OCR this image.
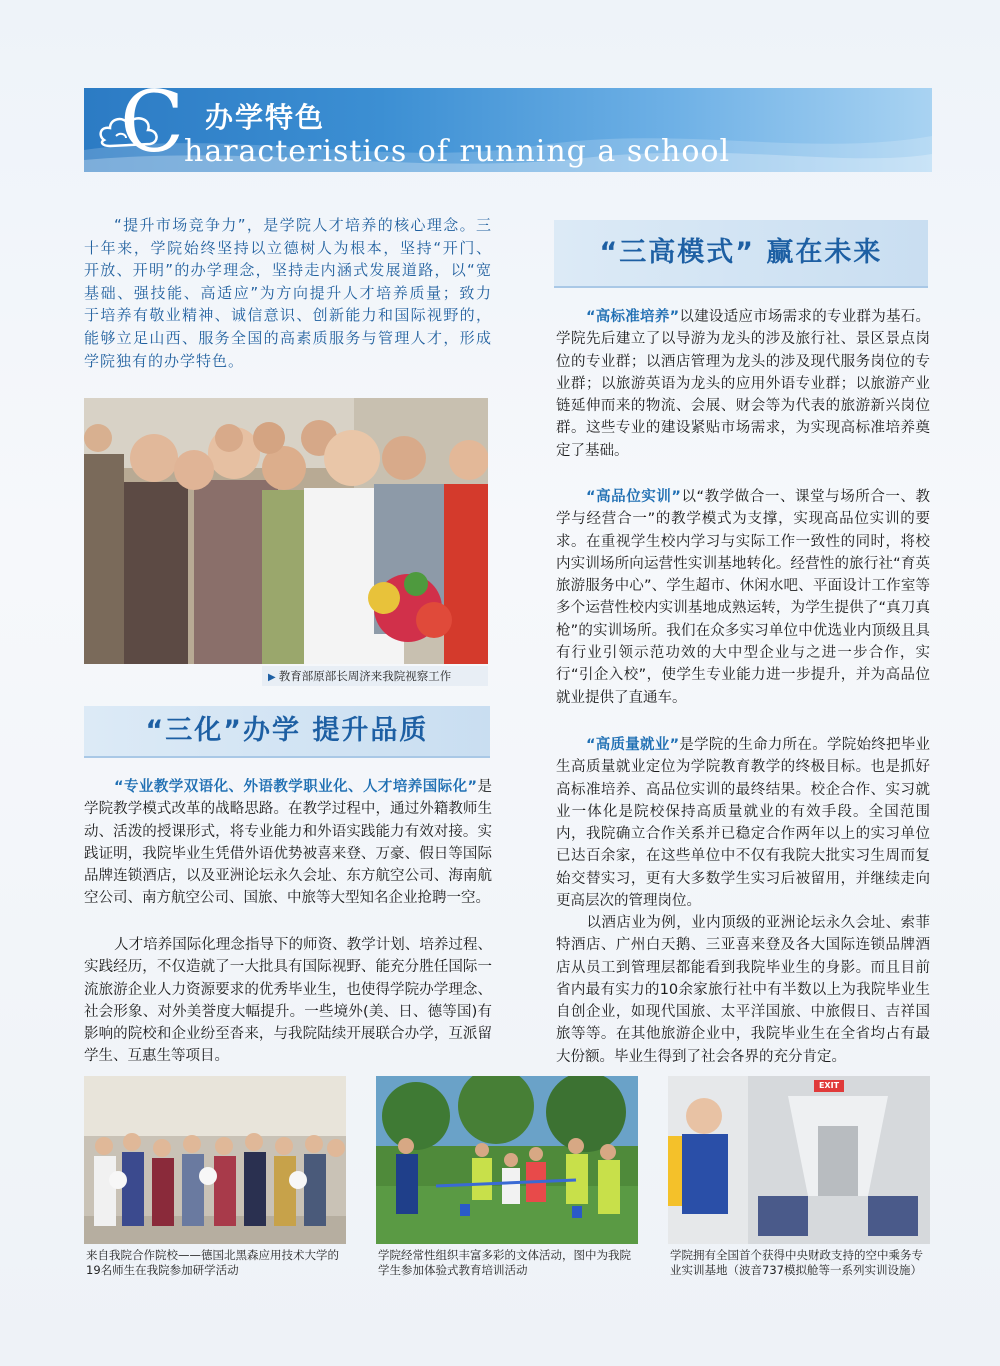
C 办学特色
haracteristics of running a school
“提升市场竞争力”，是学院人才培养的核心理念。三十年来，学院始终坚持以立德树人为根本，坚持“开门、开放、开明”的办学理念，坚持走内涵式发展道路，以“宽基础、强技能、高适应”为方向提升人才培养质量；致力于培养有敬业精神、诚信意识、创新能力和国际视野的，能够立足山西、服务全国的高素质服务与管理人才，形成学院独有的办学特色。
▶ 教育部原部长周济来我院视察工作
“三化”办学 提升品质
“专业教学双语化、外语教学职业化、人才培养国际化”是学院教学模式改革的战略思路。在教学过程中，通过外籍教师生动、活泼的授课形式，将专业能力和外语实践能力有效对接。实践证明，我院毕业生凭借外语优势被喜来登、万豪、假日等国际品牌连锁酒店，以及亚洲论坛永久会址、东方航空公司、海南航空公司、南方航空公司、国旅、中旅等大型知名企业抢聘一空。
人才培养国际化理念指导下的师资、教学计划、培养过程、实践经历，不仅造就了一大批具有国际视野、能充分胜任国际一流旅游企业人力资源要求的优秀毕业生，也使得学院办学理念、社会形象、对外美誉度大幅提升。一些境外(美、日、德等国)有影响的院校和企业纷至沓来，与我院陆续开展联合办学，互派留学生、互惠生等项目。
“三高模式” 赢在未来
“高标准培养”以建设适应市场需求的专业群为基石。学院先后建立了以导游为龙头的涉及旅行社、景区景点岗位的专业群；以酒店管理为龙头的涉及现代服务岗位的专业群；以旅游英语为龙头的应用外语专业群；以旅游产业链延伸而来的物流、会展、财会等为代表的旅游新兴岗位群。这些专业的建设紧贴市场需求，为实现高标准培养奠定了基础。
“高品位实训”以“教学做合一、课堂与场所合一、教学与经营合一”的教学模式为支撑，实现高品位实训的要求。在重视学生校内学习与实际工作一致性的同时，将校内实训场所向运营性实训基地转化。经营性的旅行社“育英旅游服务中心”、学生超市、休闲水吧、平面设计工作室等多个运营性校内实训基地成熟运转，为学生提供了“真刀真枪”的实训场所。我们在众多实习单位中优选业内顶级且具有行业引领示范功效的大中型企业与之进一步合作，实行“引企入校”，使学生专业能力进一步提升，并为高品位就业提供了直通车。
“高质量就业”是学院的生命力所在。学院始终把毕业生高质量就业定位为学院教育教学的终极目标。也是抓好高标准培养、高品位实训的最终结果。校企合作、实习就业一体化是院校保持高质量就业的有效手段。全国范围内，我院确立合作关系并已稳定合作两年以上的实习单位已达百余家，在这些单位中不仅有我院大批实习生周而复始交替实习，更有大多数学生实习后被留用，并继续走向更高层次的管理岗位。
以酒店业为例，业内顶级的亚洲论坛永久会址、索菲特酒店、广州白天鹅、三亚喜来登及各大国际连锁品牌酒店从员工到管理层都能看到我院毕业生的身影。而且目前省内最有实力的10余家旅行社中有半数以上为我院毕业生自创企业，如现代国旅、太平洋国旅、中旅假日、吉祥国旅等等。在其他旅游企业中，我院毕业生在全省均占有最大份额。毕业生得到了社会各界的充分肯定。
来自我院合作院校——德国北黑森应用技术大学的19名师生在我院参加研学活动
学院经常性组织丰富多彩的文体活动，图中为我院学生参加体验式教育培训活动
EXIT
学院拥有全国首个获得中央财政支持的空中乘务专业实训基地（波音737模拟舱等一系列实训设施）
